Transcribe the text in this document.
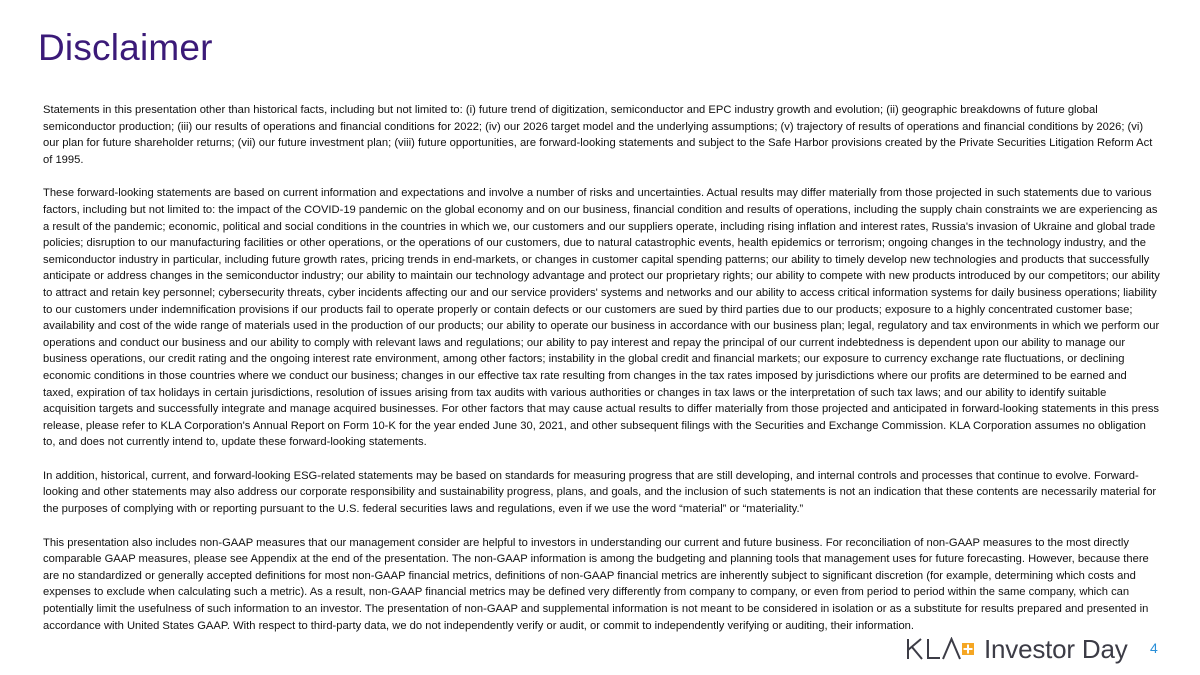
Disclaimer

Statements in this presentation other than historical facts, including but not limited to: (i) future trend of digitization, semiconductor and EPC industry growth and evolution; (ii) geographic breakdowns of future global semiconductor production; (iii) our results of operations and financial conditions for 2022; (iv) our 2026 target model and the underlying assumptions; (v) trajectory of results of operations and financial conditions by 2026; (vi) our plan for future shareholder returns; (vii) our future investment plan; (viii) future opportunities, are forward-looking statements and subject to the Safe Harbor provisions created by the Private Securities Litigation Reform Act of 1995.

These forward-looking statements are based on current information and expectations and involve a number of risks and uncertainties. Actual results may differ materially from those projected in such statements due to various factors, including but not limited to: the impact of the COVID-19 pandemic on the global economy and on our business, financial condition and results of operations, including the supply chain constraints we are experiencing as a result of the pandemic; economic, political and social conditions in the countries in which we, our customers and our suppliers operate, including rising inflation and interest rates, Russia's invasion of Ukraine and global trade policies; disruption to our manufacturing facilities or other operations, or the operations of our customers, due to natural catastrophic events, health epidemics or terrorism; ongoing changes in the technology industry, and the semiconductor industry in particular, including future growth rates, pricing trends in end-markets, or changes in customer capital spending patterns; our ability to timely develop new technologies and products that successfully anticipate or address changes in the semiconductor industry; our ability to maintain our technology advantage and protect our proprietary rights; our ability to compete with new products introduced by our competitors; our ability to attract and retain key personnel; cybersecurity threats, cyber incidents affecting our and our service providers' systems and networks and our ability to access critical information systems for daily business operations; liability to our customers under indemnification provisions if our products fail to operate properly or contain defects or our customers are sued by third parties due to our products; exposure to a highly concentrated customer base; availability and cost of the wide range of materials used in the production of our products; our ability to operate our business in accordance with our business plan; legal, regulatory and tax environments in which we perform our operations and conduct our business and our ability to comply with relevant laws and regulations; our ability to pay interest and repay the principal of our current indebtedness is dependent upon our ability to manage our business operations, our credit rating and the ongoing interest rate environment, among other factors; instability in the global credit and financial markets; our exposure to currency exchange rate fluctuations, or declining economic conditions in those countries where we conduct our business; changes in our effective tax rate resulting from changes in the tax rates imposed by jurisdictions where our profits are determined to be earned and taxed, expiration of tax holidays in certain jurisdictions, resolution of issues arising from tax audits with various authorities or changes in tax laws or the interpretation of such tax laws; and our ability to identify suitable acquisition targets and successfully integrate and manage acquired businesses. For other factors that may cause actual results to differ materially from those projected and anticipated in forward-looking statements in this press release, please refer to KLA Corporation's Annual Report on Form 10-K for the year ended June 30, 2021, and other subsequent filings with the Securities and Exchange Commission. KLA Corporation assumes no obligation to, and does not currently intend to, update these forward-looking statements.

In addition, historical, current, and forward-looking ESG-related statements may be based on standards for measuring progress that are still developing, and internal controls and processes that continue to evolve. Forward-looking and other statements may also address our corporate responsibility and sustainability progress, plans, and goals, and the inclusion of such statements is not an indication that these contents are necessarily material for the purposes of complying with or reporting pursuant to the U.S. federal securities laws and regulations, even if we use the word “material” or “materiality.”

This presentation also includes non-GAAP measures that our management consider are helpful to investors in understanding our current and future business. For reconciliation of non-GAAP measures to the most directly comparable GAAP measures, please see Appendix at the end of the presentation. The non-GAAP information is among the budgeting and planning tools that management uses for future forecasting. However, because there are no standardized or generally accepted definitions for most non-GAAP financial metrics, definitions of non-GAAP financial metrics are inherently subject to significant discretion (for example, determining which costs and expenses to exclude when calculating such a metric). As a result, non-GAAP financial metrics may be defined very differently from company to company, or even from period to period within the same company, which can potentially limit the usefulness of such information to an investor. The presentation of non-GAAP and supplemental information is not meant to be considered in isolation or as a substitute for results prepared and presented in accordance with United States GAAP. With respect to third-party data, we do not independently verify or audit, or commit to independently verifying or auditing, their information.

Investor Day 4
